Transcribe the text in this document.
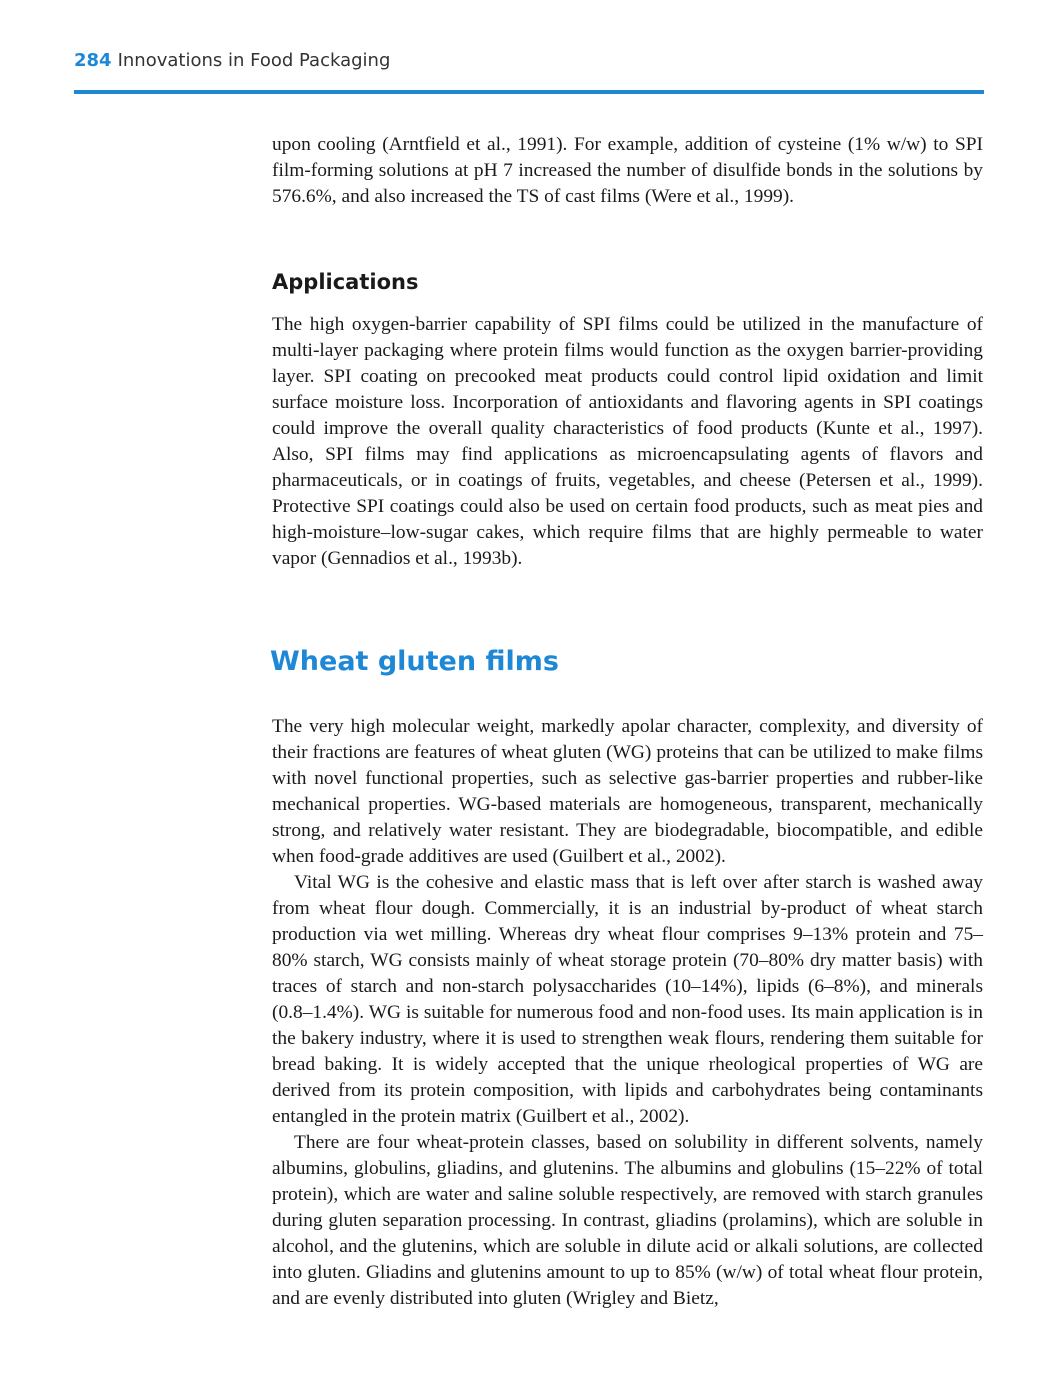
284 Innovations in Food Packaging

upon cooling (Arntfield et al., 1991). For example, addition of cysteine (1% w/w) to SPI film-forming solutions at pH 7 increased the number of disulfide bonds in the solutions by 576.6%, and also increased the TS of cast films (Were et al., 1999).

Applications

The high oxygen-barrier capability of SPI films could be utilized in the manufacture of multi-layer packaging where protein films would function as the oxygen barrier-providing layer. SPI coating on precooked meat products could control lipid oxidation and limit surface moisture loss. Incorporation of antioxidants and flavoring agents in SPI coatings could improve the overall quality characteristics of food products (Kunte et al., 1997). Also, SPI films may find applications as microencapsulating agents of flavors and pharmaceuticals, or in coatings of fruits, vegetables, and cheese (Petersen et al., 1999). Protective SPI coatings could also be used on certain food products, such as meat pies and high-moisture–low-sugar cakes, which require films that are highly permeable to water vapor (Gennadios et al., 1993b).

Wheat gluten films

The very high molecular weight, markedly apolar character, complexity, and diversity of their fractions are features of wheat gluten (WG) proteins that can be utilized to make films with novel functional properties, such as selective gas-barrier properties and rubber-like mechanical properties. WG-based materials are homogeneous, transparent, mechanically strong, and relatively water resistant. They are biodegradable, biocompatible, and edible when food-grade additives are used (Guilbert et al., 2002).

Vital WG is the cohesive and elastic mass that is left over after starch is washed away from wheat flour dough. Commercially, it is an industrial by-product of wheat starch production via wet milling. Whereas dry wheat flour comprises 9–13% protein and 75–80% starch, WG consists mainly of wheat storage protein (70–80% dry matter basis) with traces of starch and non-starch polysaccharides (10–14%), lipids (6–8%), and minerals (0.8–1.4%). WG is suitable for numerous food and non-food uses. Its main application is in the bakery industry, where it is used to strengthen weak flours, rendering them suitable for bread baking. It is widely accepted that the unique rheological properties of WG are derived from its protein composition, with lipids and carbohydrates being contaminants entangled in the protein matrix (Guilbert et al., 2002).

There are four wheat-protein classes, based on solubility in different solvents, namely albumins, globulins, gliadins, and glutenins. The albumins and globulins (15–22% of total protein), which are water and saline soluble respectively, are removed with starch granules during gluten separation processing. In contrast, gliadins (prolamins), which are soluble in alcohol, and the glutenins, which are soluble in dilute acid or alkali solutions, are collected into gluten. Gliadins and glutenins amount to up to 85% (w/w) of total wheat flour protein, and are evenly distributed into gluten (Wrigley and Bietz,
